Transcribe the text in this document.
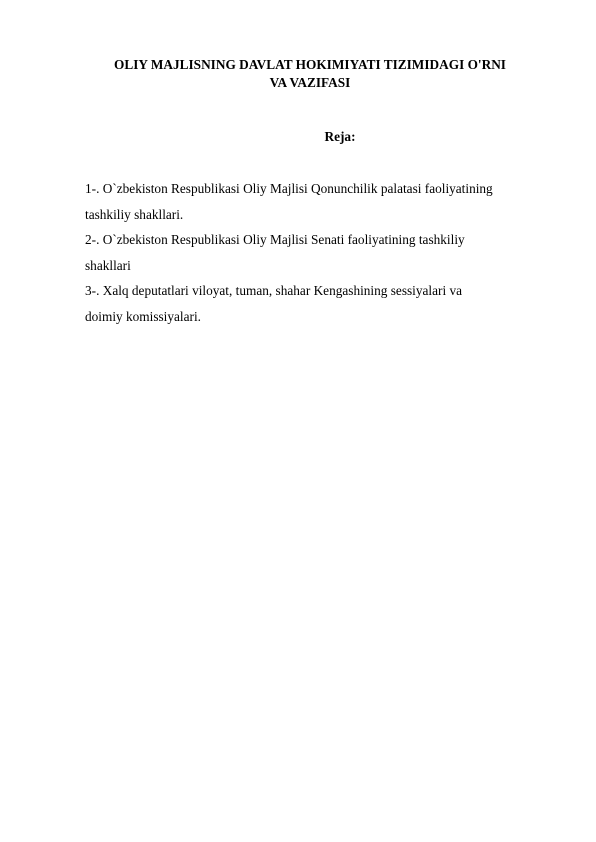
OLIY MAJLISNING DAVLAT HOKIMIYATI TIZIMIDAGI O'RNI
VA VAZIFASI
Reja:
1-. O`zbekiston Respublikasi Oliy Majlisi Qonunchilik palatasi faoliyatining
tashkiliy shakllari.
2-. O`zbekiston Respublikasi Oliy Majlisi Senati faoliyatining tashkiliy
shakllari
3-. Xalq deputatlari viloyat, tuman, shahar Kengashining sessiyalari va
doimiy komissiyalari.
